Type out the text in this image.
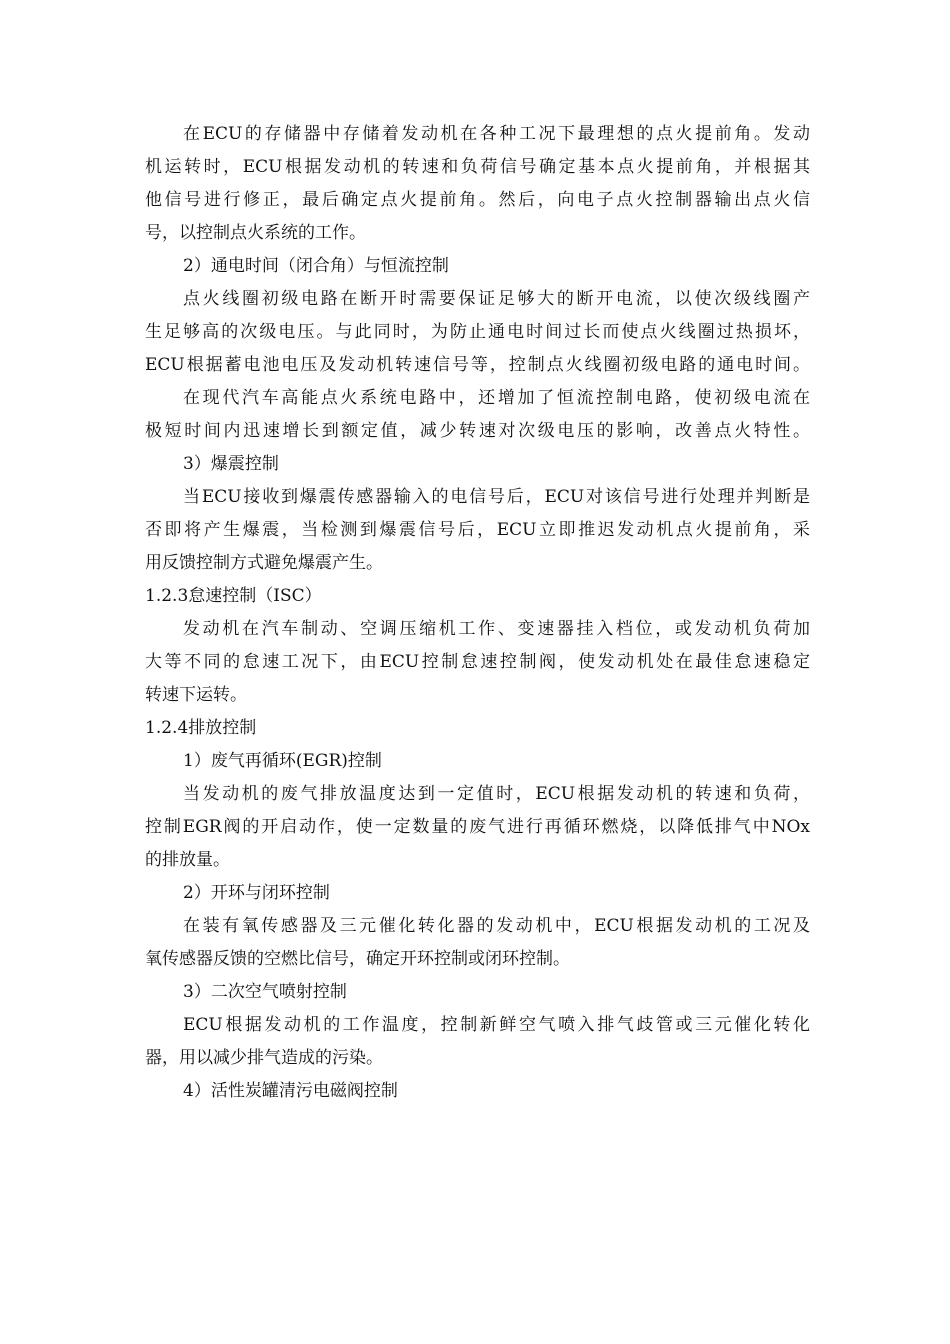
在ECU的存储器中存储着发动机在各种工况下最理想的点火提前角。发动
机运转时，ECU根据发动机的转速和负荷信号确定基本点火提前角，并根据其
他信号进行修正，最后确定点火提前角。然后，向电子点火控制器输出点火信
号，以控制点火系统的工作。
2）通电时间（闭合角）与恒流控制
点火线圈初级电路在断开时需要保证足够大的断开电流，以使次级线圈产
生足够高的次级电压。与此同时，为防止通电时间过长而使点火线圈过热损坏，
ECU根据蓄电池电压及发动机转速信号等，控制点火线圈初级电路的通电时间。
在现代汽车高能点火系统电路中，还增加了恒流控制电路，使初级电流在
极短时间内迅速增长到额定值，减少转速对次级电压的影响，改善点火特性。
3）爆震控制
当ECU接收到爆震传感器输入的电信号后，ECU对该信号进行处理并判断是
否即将产生爆震，当检测到爆震信号后，ECU立即推迟发动机点火提前角，采
用反馈控制方式避免爆震产生。
1.2.3怠速控制（ISC）
发动机在汽车制动、空调压缩机工作、变速器挂入档位，或发动机负荷加
大等不同的怠速工况下，由ECU控制怠速控制阀，使发动机处在最佳怠速稳定
转速下运转。
1.2.4排放控制
1）废气再循环(EGR)控制
当发动机的废气排放温度达到一定值时，ECU根据发动机的转速和负荷，
控制EGR阀的开启动作，使一定数量的废气进行再循环燃烧，以降低排气中NOx
的排放量。
2）开环与闭环控制
在装有氧传感器及三元催化转化器的发动机中，ECU根据发动机的工况及
氧传感器反馈的空燃比信号，确定开环控制或闭环控制。
3）二次空气喷射控制
ECU根据发动机的工作温度，控制新鲜空气喷入排气歧管或三元催化转化
器，用以减少排气造成的污染。
4）活性炭罐清污电磁阀控制
